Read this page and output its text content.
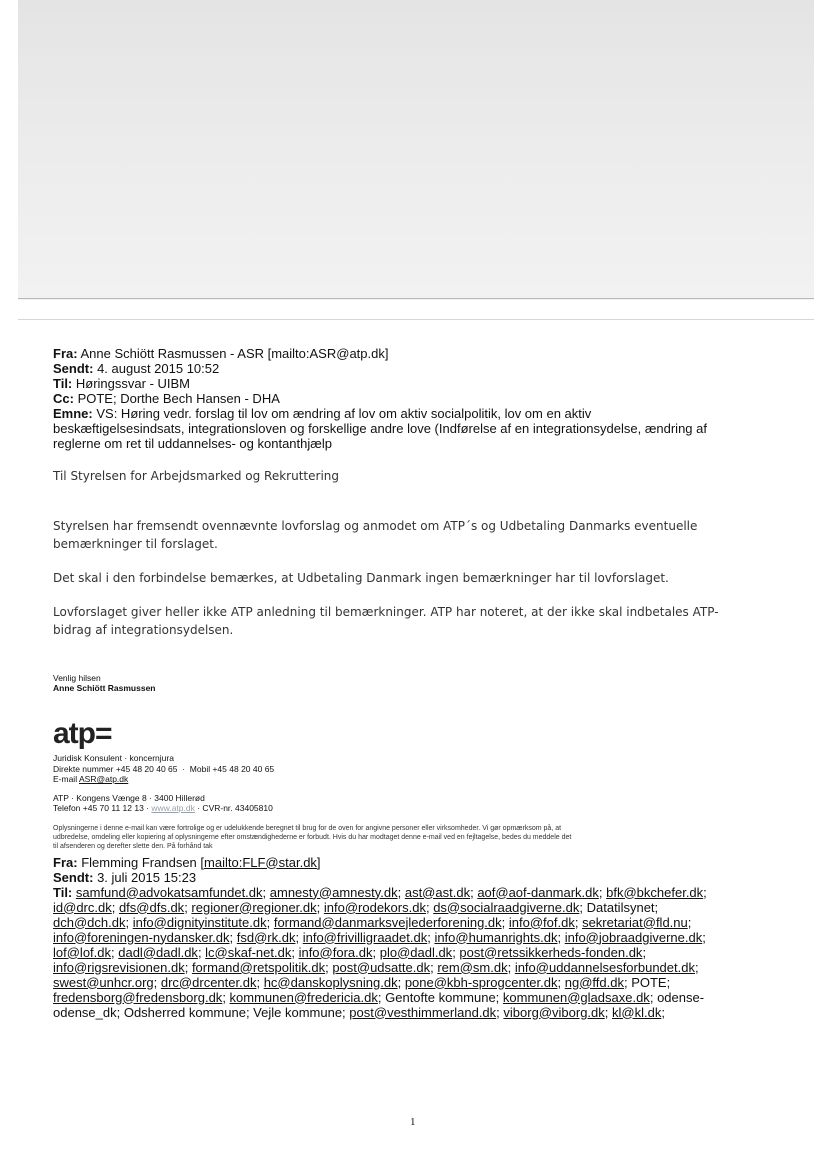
Fra: Anne Schiött Rasmussen - ASR [mailto:ASR@atp.dk]
Sendt: 4. august 2015 10:52
Til: Høringssvar - UIBM
Cc: POTE; Dorthe Bech Hansen - DHA
Emne: VS: Høring vedr. forslag til lov om ændring af lov om aktiv socialpolitik, lov om en aktiv
beskæftigelsesindsats, integrationsloven og forskellige andre love (Indførelse af en integrationsydelse, ændring af
reglerne om ret til uddannelses- og kontanthjælp
Til Styrelsen for Arbejdsmarked og Rekruttering
Styrelsen har fremsendt ovennævnte lovforslag og anmodet om ATP´s og Udbetaling Danmarks eventuelle
bemærkninger til forslaget.
Det skal i den forbindelse bemærkes, at Udbetaling Danmark ingen bemærkninger har til lovforslaget.
Lovforslaget giver heller ikke ATP anledning til bemærkninger. ATP har noteret, at der ikke skal indbetales ATP-
bidrag af integrationsydelsen.
Venlig hilsen
Anne Schiött Rasmussen
atp=
Juridisk Konsulent · koncernjura
Direkte nummer +45 48 20 40 65  ·  Mobil +45 48 20 40 65
E-mail ASR@atp.dk
ATP · Kongens Vænge 8 · 3400 Hillerød
Telefon +45 70 11 12 13 · www.atp.dk · CVR-nr. 43405810
Oplysningerne i denne e-mail kan være fortrolige og er udelukkende beregnet til brug for de oven for angivne personer eller virksomheder. Vi gør opmærksom på, at
udbredelse, omdeling eller kopiering af oplysningerne efter omstændighederne er forbudt. Hvis du har modtaget denne e-mail ved en fejltagelse, bedes du meddele det
til afsenderen og derefter slette den. På forhånd tak
Fra: Flemming Frandsen [mailto:FLF@star.dk]
Sendt: 3. juli 2015 15:23
Til: samfund@advokatsamfundet.dk; amnesty@amnesty.dk; ast@ast.dk; aof@aof-danmark.dk; bfk@bkchefer.dk;
id@drc.dk; dfs@dfs.dk; regioner@regioner.dk; info@rodekors.dk; ds@socialraadgiverne.dk; Datatilsynet;
dch@dch.dk; info@dignityinstitute.dk; formand@danmarksvejlederforening.dk; info@fof.dk; sekretariat@fld.nu;
info@foreningen-nydansker.dk; fsd@rk.dk; info@frivilligraadet.dk; info@humanrights.dk; info@jobraadgiverne.dk;
lof@lof.dk; dadl@dadl.dk; lc@skaf-net.dk; info@fora.dk; plo@dadl.dk; post@retssikkerheds-fonden.dk;
info@rigsrevisionen.dk; formand@retspolitik.dk; post@udsatte.dk; rem@sm.dk; info@uddannelsesforbundet.dk;
swest@unhcr.org; drc@drcenter.dk; hc@danskoplysning.dk; pone@kbh-sprogcenter.dk; ng@ffd.dk; POTE;
fredensborg@fredensborg.dk; kommunen@fredericia.dk; Gentofte kommune; kommunen@gladsaxe.dk; odense-
odense_dk; Odsherred kommune; Vejle kommune; post@vesthimmerland.dk; viborg@viborg.dk; kl@kl.dk;
1
